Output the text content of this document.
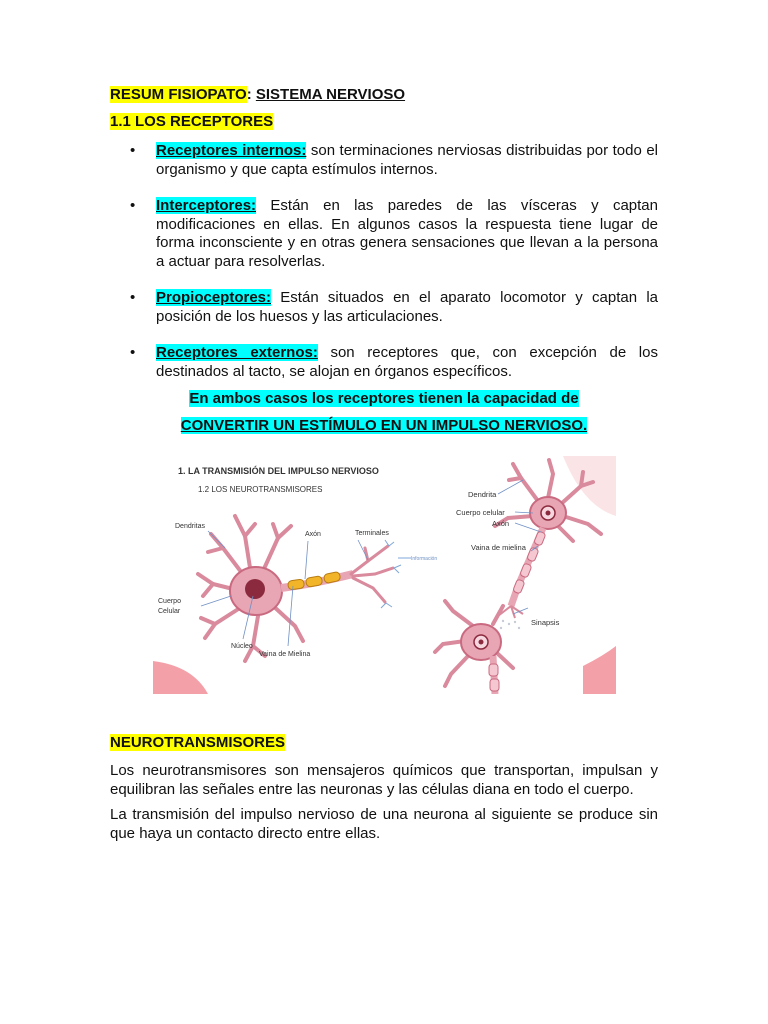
RESUM FISIOPATO: SISTEMA NERVIOSO
1.1 LOS RECEPTORES
• Receptores internos: son terminaciones nerviosas distribuidas por todo el organismo y que capta estímulos internos.
• Interceptores: Están en las paredes de las vísceras y captan modificaciones en ellas. En algunos casos la respuesta tiene lugar de forma inconsciente y en otras genera sensaciones que llevan a la persona a actuar para resolverlas.
• Propioceptores: Están situados en el aparato locomotor y captan la posición de los huesos y las articulaciones.
• Receptores externos: son receptores que, con excepción de los destinados al tacto, se alojan en órganos específicos.
En ambos casos los receptores tienen la capacidad de
CONVERTIR UN ESTÍMULO EN UN IMPULSO NERVIOSO.
1. LA TRANSMISIÓN DEL IMPULSO NERVIOSO
1.2 LOS NEUROTRANSMISORES
Dendritas
Axón	Terminales
Información
Cuerpo
Celular
Núcleo
Vaina de Mielina
Dendrita
Cuerpo celular
Axón
Vaina de mielina
Sinapsis
NEUROTRANSMISORES

Los neurotransmisores son mensajeros químicos que transportan, impulsan y equilibran las señales entre las neuronas y las células diana en todo el cuerpo.

La transmisión del impulso nervioso de una neurona al siguiente se produce sin que haya un contacto directo entre ellas.
